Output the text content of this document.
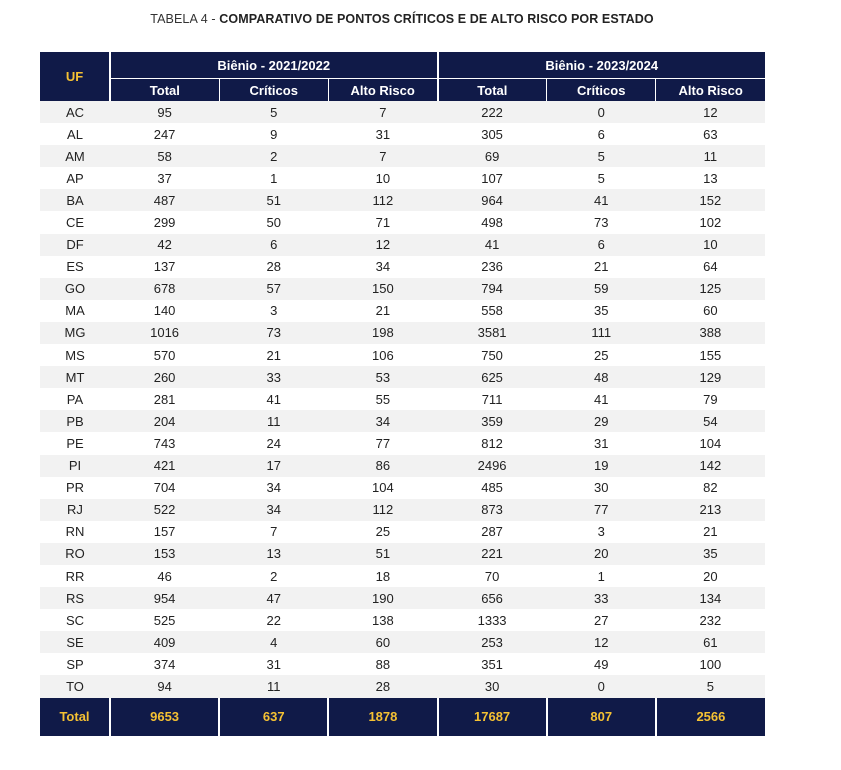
TABELA 4 - COMPARATIVO DE PONTOS CRÍTICOS E DE ALTO RISCO POR ESTADO
UF	Biênio - 2021/2022			Biênio - 2023/2024		
	Total	Críticos	Alto Risco	Total	Críticos	Alto Risco
AC	95	5	7	222	0	12
AL	247	9	31	305	6	63
AM	58	2	7	69	5	11
AP	37	1	10	107	5	13
BA	487	51	112	964	41	152
CE	299	50	71	498	73	102
DF	42	6	12	41	6	10
ES	137	28	34	236	21	64
GO	678	57	150	794	59	125
MA	140	3	21	558	35	60
MG	1016	73	198	3581	111	388
MS	570	21	106	750	25	155
MT	260	33	53	625	48	129
PA	281	41	55	711	41	79
PB	204	11	34	359	29	54
PE	743	24	77	812	31	104
PI	421	17	86	2496	19	142
PR	704	34	104	485	30	82
RJ	522	34	112	873	77	213
RN	157	7	25	287	3	21
RO	153	13	51	221	20	35
RR	46	2	18	70	1	20
RS	954	47	190	656	33	134
SC	525	22	138	1333	27	232
SE	409	4	60	253	12	61
SP	374	31	88	351	49	100
TO	94	11	28	30	0	5
Total	9653	637	1878	17687	807	2566
